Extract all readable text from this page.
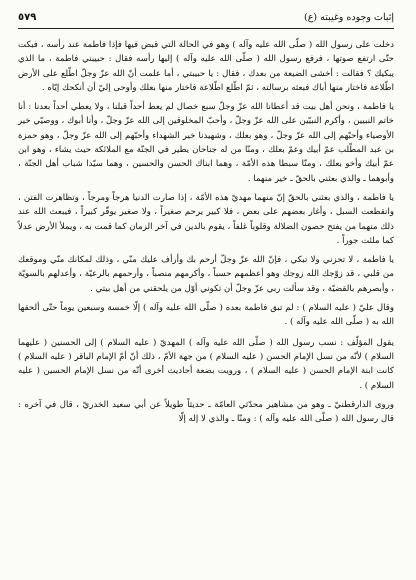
٥٧٩	إثبات وجوده وغيبته (ع)

دخلت على رسول الله ( صلّى الله عليه وآله ) وهو في الحالة التي قبض فيها فإذا فاطمة عند رأسه ، فبكت حتّى ارتفع صوتها ، فرفع رسول الله ( صلّى الله عليه وآله ) إليها رأسه فقال : حبيبتي فاطمة ، ما الذي يبكيك ؟ فقالت : أخشى الضيعة من بعدك ، فقال : يا حبيبتي ، أما علمت أنّ الله عزّ وجلّ اطّلع على الأرض اطّلاعة فاختار منها أباك فبعثه برسالته ، ثمّ اطّلع اطّلاعة فاختار منها بعلك وأوحى إليّ أن أنكحك إيّاه .

يا فاطمة ، ونحن أهل بيت قد أعطانا الله عزّ وجلّ سبع خصال لم يعط أحداً قبلنا ، ولا يعطي أحداً بعدنا : أنا خاتم النبيين ، وأكرم النبيّين على الله عزّ وجلّ ، وأحبّ المخلوقين إلى الله عزّ وجلّ ، وأنا أبوك ، ووصيّي خير الأوصياء وأحبّهم إلى الله عزّ وجلّ ، وهو بعلك ، وشهيدنا خير الشهداء وأحبّهم إلى الله عزّ وجلّ ، وهو حمزة بن عبد المطّلب عمّ أبيك وعمّ بعلك ، ومنّا من له جناحان يطير في الجنّة مع الملائكة حيث يشاء ، وهو ابن عمّ أبيك وأخو بعلك ، ومنّا سبطا هذه الأمّة ، وهما ابناك الحسن والحسين ، وهما سيّدا شباب أهل الجنّة ، وأبوهما ـ والذي بعثني بالحقّ ـ خير منهما .

يا فاطمة ، والذي بعثني بالحقّ إنّ منهما مهديّ هذه الأمّة ، إذا صارت الدنيا هرجاً ومرجاً ، وتظاهرت الفتن ، وانقطعت السبل ، وأغار بعضهم على بعض ، فلا كبير يرحم صغيراً ، ولا صغير يوقّر كبيراً ، فيبعث الله عند ذلك منهما من يفتح حصون الضلالة وقلوباً غلفاً ، يقوم بالدين في آخر الزمان كما قمت به ، ويملأ الأرض عدلاً كما ملئت جوراً .

يا فاطمة ، لا تحزني ولا تبكي ، فإنّ الله عزّ وجلّ أرحم بك وأرأف عليك منّي ، وذلك لمكانك منّي وموقعك من قلبي ، قد زوّجك الله زوجك وهو أعظمهم حسباً ، وأكرمهم منصباً ، وأرحمهم بالرعيّة ، وأعدلهم بالسويّة ، وأبصرهم بالقضيّة ، وقد سألت ربي عزّ وجلّ أن تكوني أوّل من يلحقني من أهل بيتي .

وقال عليّ ( عليه السلام ) : لم تبق فاطمة بعده ( صلّى الله عليه وآله ) إلّا خمسة وسبعين يوماً حتّى ألحقها الله به ( صلّى الله عليه وآله ) .

يقول المؤلّف : نسب رسول الله ( صلّى الله عليه وآله ) المهديّ ( عليه السلام ) إلى الحسنين ( عليهما السلام ) لأنّه من نسل الإمام الحسن ( عليه السلام ) من جهة الأمّ ، ذلك أنّ أمّ الإمام الباقر ( عليه السلام ) كانت ابنة الإمام الحسن ( عليه السلام ) ، ورويت بضعة أحاديث أخرى أنّه من نسل الإمام الحسين ( عليه السلام ) .

وروى الدارقطنيّ ـ وهو من مشاهير محدّثي العامّة ـ حديثاً طويلاً عن أبي سعيد الخدريّ ، قال في آخره : قال رسول الله ( صلّى الله عليه وآله ) : ومنّا ـ والذي لا إله إلّا
